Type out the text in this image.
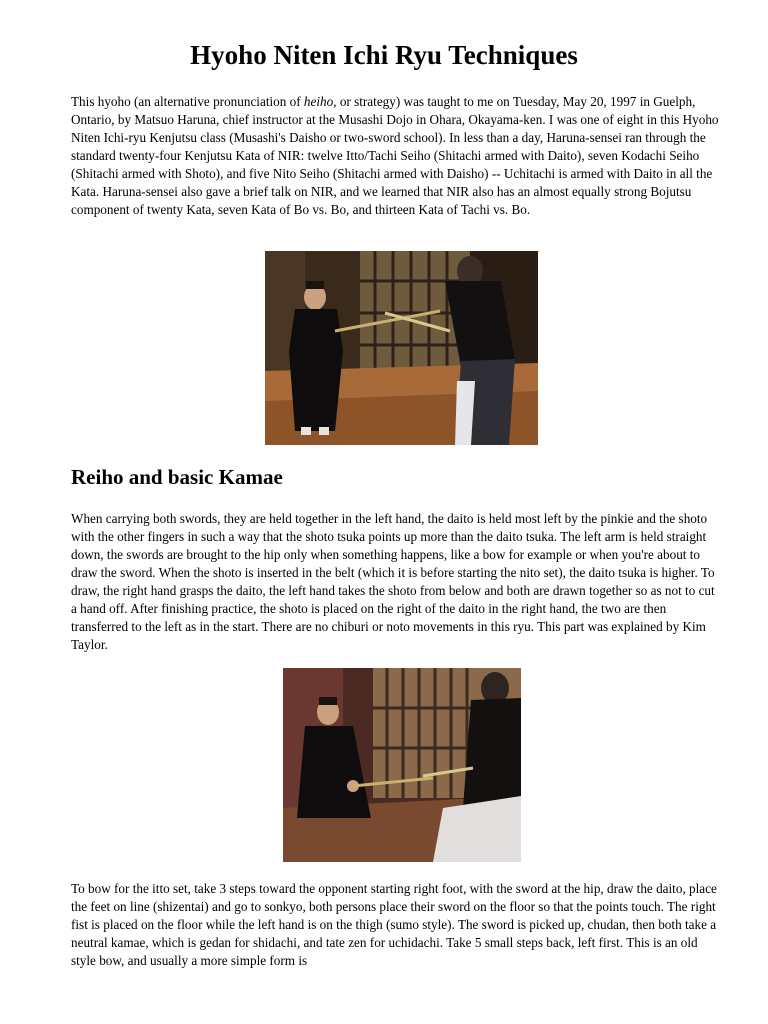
Hyoho Niten Ichi Ryu Techniques

This hyoho (an alternative pronunciation of heiho, or strategy) was taught to me on Tuesday, May 20, 1997 in Guelph, Ontario, by Matsuo Haruna, chief instructor at the Musashi Dojo in Ohara, Okayama-ken. I was one of eight in this Hyoho Niten Ichi-ryu Kenjutsu class (Musashi's Daisho or two-sword school). In less than a day, Haruna-sensei ran through the standard twenty-four Kenjutsu Kata of NIR: twelve Itto/Tachi Seiho (Shitachi armed with Daito), seven Kodachi Seiho (Shitachi armed with Shoto), and five Nito Seiho (Shitachi armed with Daisho) -- Uchitachi is armed with Daito in all the Kata. Haruna-sensei also gave a brief talk on NIR, and we learned that NIR also has an almost equally strong Bojutsu component of twenty Kata, seven Kata of Bo vs. Bo, and thirteen Kata of Tachi vs. Bo.

Reiho and basic Kamae

When carrying both swords, they are held together in the left hand, the daito is held most left by the pinkie and the shoto with the other fingers in such a way that the shoto tsuka points up more than the daito tsuka. The left arm is held straight down, the swords are brought to the hip only when something happens, like a bow for example or when you're about to draw the sword. When the shoto is inserted in the belt (which it is before starting the nito set), the daito tsuka is higher. To draw, the right hand grasps the daito, the left hand takes the shoto from below and both are drawn together so as not to cut a hand off. After finishing practice, the shoto is placed on the right of the daito in the right hand, the two are then transferred to the left as in the start. There are no chiburi or noto movements in this ryu. This part was explained by Kim Taylor.

To bow for the itto set, take 3 steps toward the opponent starting right foot, with the sword at the hip, draw the daito, place the feet on line (shizentai) and go to sonkyo, both persons place their sword on the floor so that the points touch. The right fist is placed on the floor while the left hand is on the thigh (sumo style). The sword is picked up, chudan, then both take a neutral kamae, which is gedan for shidachi, and tate zen for uchidachi. Take 5 small steps back, left first. This is an old style bow, and usually a more simple form is
